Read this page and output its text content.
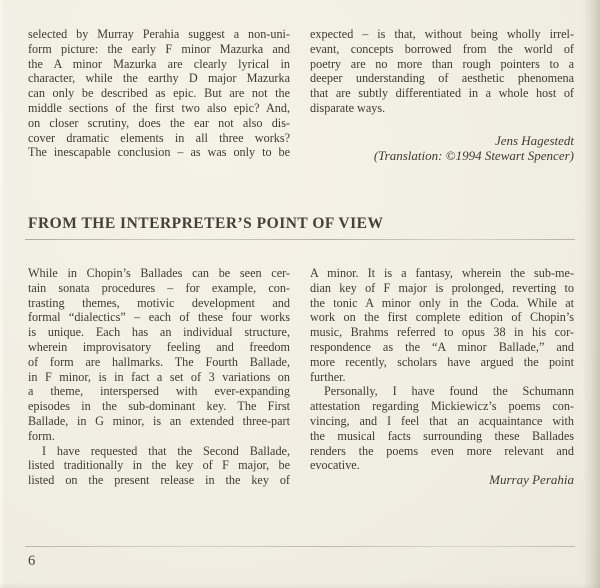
selected by Murray Perahia suggest a non-uni-
form picture: the early F minor Mazurka and
the A minor Mazurka are clearly lyrical in
character, while the earthy D major Mazurka
can only be described as epic. But are not the
middle sections of the first two also epic? And,
on closer scrutiny, does the ear not also dis-
cover dramatic elements in all three works?
The inescapable conclusion – as was only to be
expected – is that, without being wholly irrel-
evant, concepts borrowed from the world of
poetry are no more than rough pointers to a
deeper understanding of aesthetic phenomena
that are subtly differentiated in a whole host of
disparate ways.
Jens Hagestedt
(Translation: ©1994 Stewart Spencer)
FROM THE INTERPRETER’S POINT OF VIEW
While in Chopin’s Ballades can be seen cer-
tain sonata procedures – for example, con-
trasting themes, motivic development and
formal “dialectics” – each of these four works
is unique. Each has an individual structure,
wherein improvisatory feeling and freedom
of form are hallmarks. The Fourth Ballade,
in F minor, is in fact a set of 3 variations on
a theme, interspersed with ever-expanding
episodes in the sub-dominant key. The First
Ballade, in G minor, is an extended three-part
form.
I have requested that the Second Ballade,
listed traditionally in the key of F major, be
listed on the present release in the key of
A minor. It is a fantasy, wherein the sub-me-
dian key of F major is prolonged, reverting to
the tonic A minor only in the Coda. While at
work on the first complete edition of Chopin’s
music, Brahms referred to opus 38 in his cor-
respondence as the “A minor Ballade,” and
more recently, scholars have argued the point
further.
Personally, I have found the Schumann
attestation regarding Mickiewicz’s poems con-
vincing, and I feel that an acquaintance with
the musical facts surrounding these Ballades
renders the poems even more relevant and
evocative.
Murray Perahia
6
